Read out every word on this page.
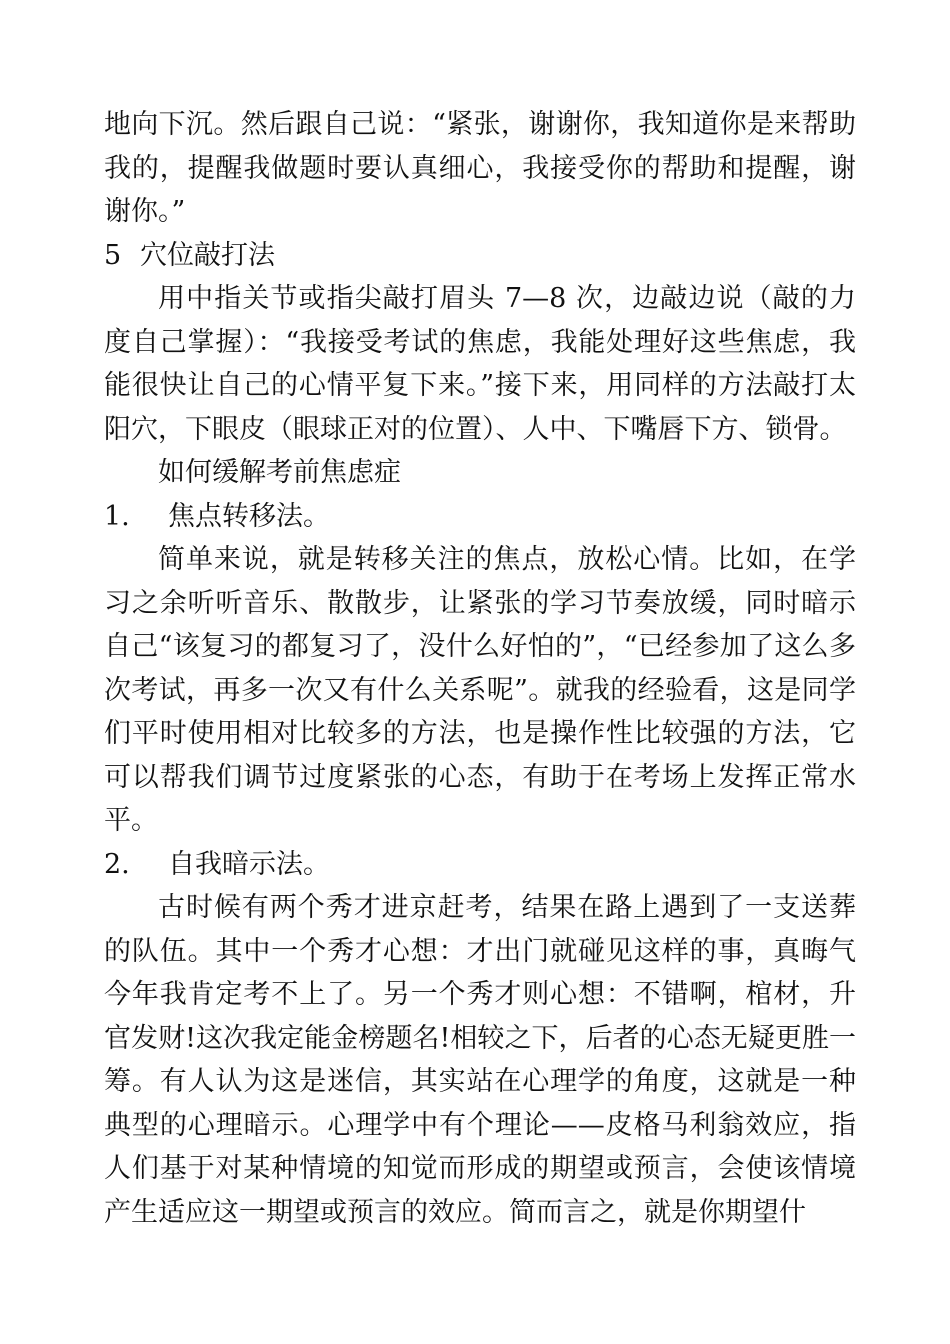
地向下沉。然后跟自己说：“紧张，谢谢你，我知道你是来帮助我的，提醒我做题时要认真细心，我接受你的帮助和提醒，谢谢你。”

5 穴位敲打法

用中指关节或指尖敲打眉头 7—8 次，边敲边说（敲的力度自己掌握）：“我接受考试的焦虑，我能处理好这些焦虑，我能很快让自己的心情平复下来。”接下来，用同样的方法敲打太阳穴，下眼皮（眼球正对的位置）、人中、下嘴唇下方、锁骨。

如何缓解考前焦虑症

1. 焦点转移法。

简单来说，就是转移关注的焦点，放松心情。比如，在学习之余听听音乐、散散步，让紧张的学习节奏放缓，同时暗示自己“该复习的都复习了，没什么好怕的”，“已经参加了这么多次考试，再多一次又有什么关系呢”。就我的经验看，这是同学们平时使用相对比较多的方法，也是操作性比较强的方法，它可以帮我们调节过度紧张的心态，有助于在考场上发挥正常水平。

2. 自我暗示法。

古时候有两个秀才进京赶考，结果在路上遇到了一支送葬的队伍。其中一个秀才心想：才出门就碰见这样的事，真晦气今年我肯定考不上了。另一个秀才则心想：不错啊，棺材，升官发财!这次我定能金榜题名!相较之下，后者的心态无疑更胜一筹。有人认为这是迷信，其实站在心理学的角度，这就是一种典型的心理暗示。心理学中有个理论——皮格马利翁效应，指人们基于对某种情境的知觉而形成的期望或预言，会使该情境产生适应这一期望或预言的效应。简而言之，就是你期望什
